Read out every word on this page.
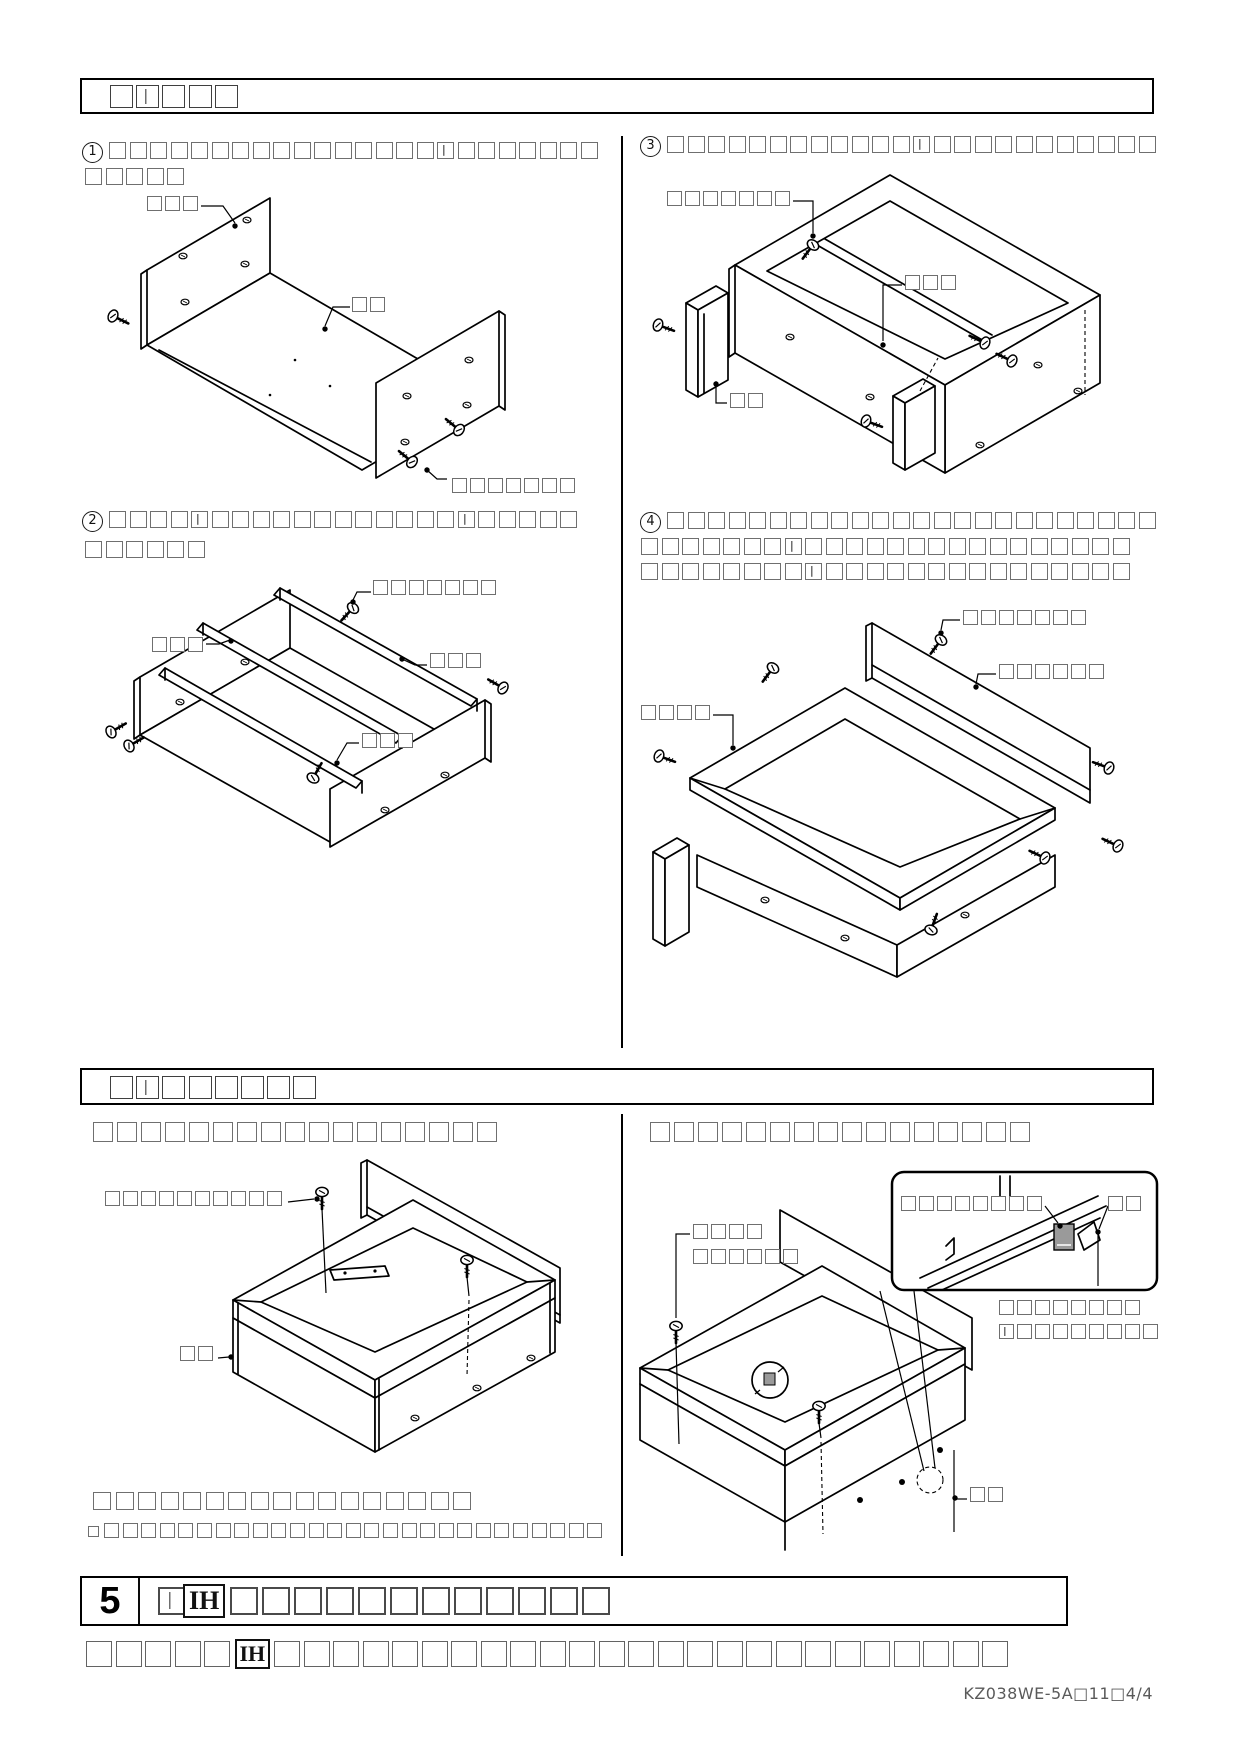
1
2
3
4
5	IH
IH
KZ038WE-5A□11□4/4
